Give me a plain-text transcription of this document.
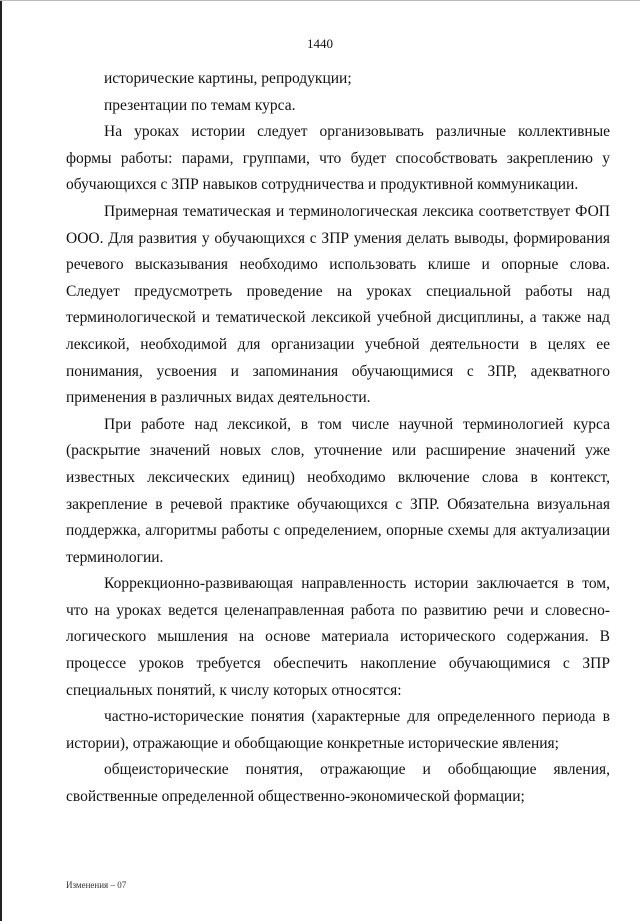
1440

исторические картины, репродукции;

презентации по темам курса.

На уроках истории следует организовывать различные коллективные формы работы: парами, группами, что будет способствовать закреплению у обучающихся с ЗПР навыков сотрудничества и продуктивной коммуникации.

Примерная тематическая и терминологическая лексика соответствует ФОП ООО. Для развития у обучающихся с ЗПР умения делать выводы, формирования речевого высказывания необходимо использовать клише и опорные слова. Следует предусмотреть проведение на уроках специальной работы над терминологической и тематической лексикой учебной дисциплины, а также над лексикой, необходимой для организации учебной деятельности в целях ее понимания, усвоения и запоминания обучающимися с ЗПР, адекватного применения в различных видах деятельности.

При работе над лексикой, в том числе научной терминологией курса (раскрытие значений новых слов, уточнение или расширение значений уже известных лексических единиц) необходимо включение слова в контекст, закрепление в речевой практике обучающихся с ЗПР. Обязательна визуальная поддержка, алгоритмы работы с определением, опорные схемы для актуализации терминологии.

Коррекционно-развивающая направленность истории заключается в том, что на уроках ведется целенаправленная работа по развитию речи и словесно-логического мышления на основе материала исторического содержания. В процессе уроков требуется обеспечить накопление обучающимися с ЗПР специальных понятий, к числу которых относятся:

частно-исторические понятия (характерные для определенного периода в истории), отражающие и обобщающие конкретные исторические явления;

общеисторические понятия, отражающие и обобщающие явления, свойственные определенной общественно-экономической формации;

Изменения – 07
